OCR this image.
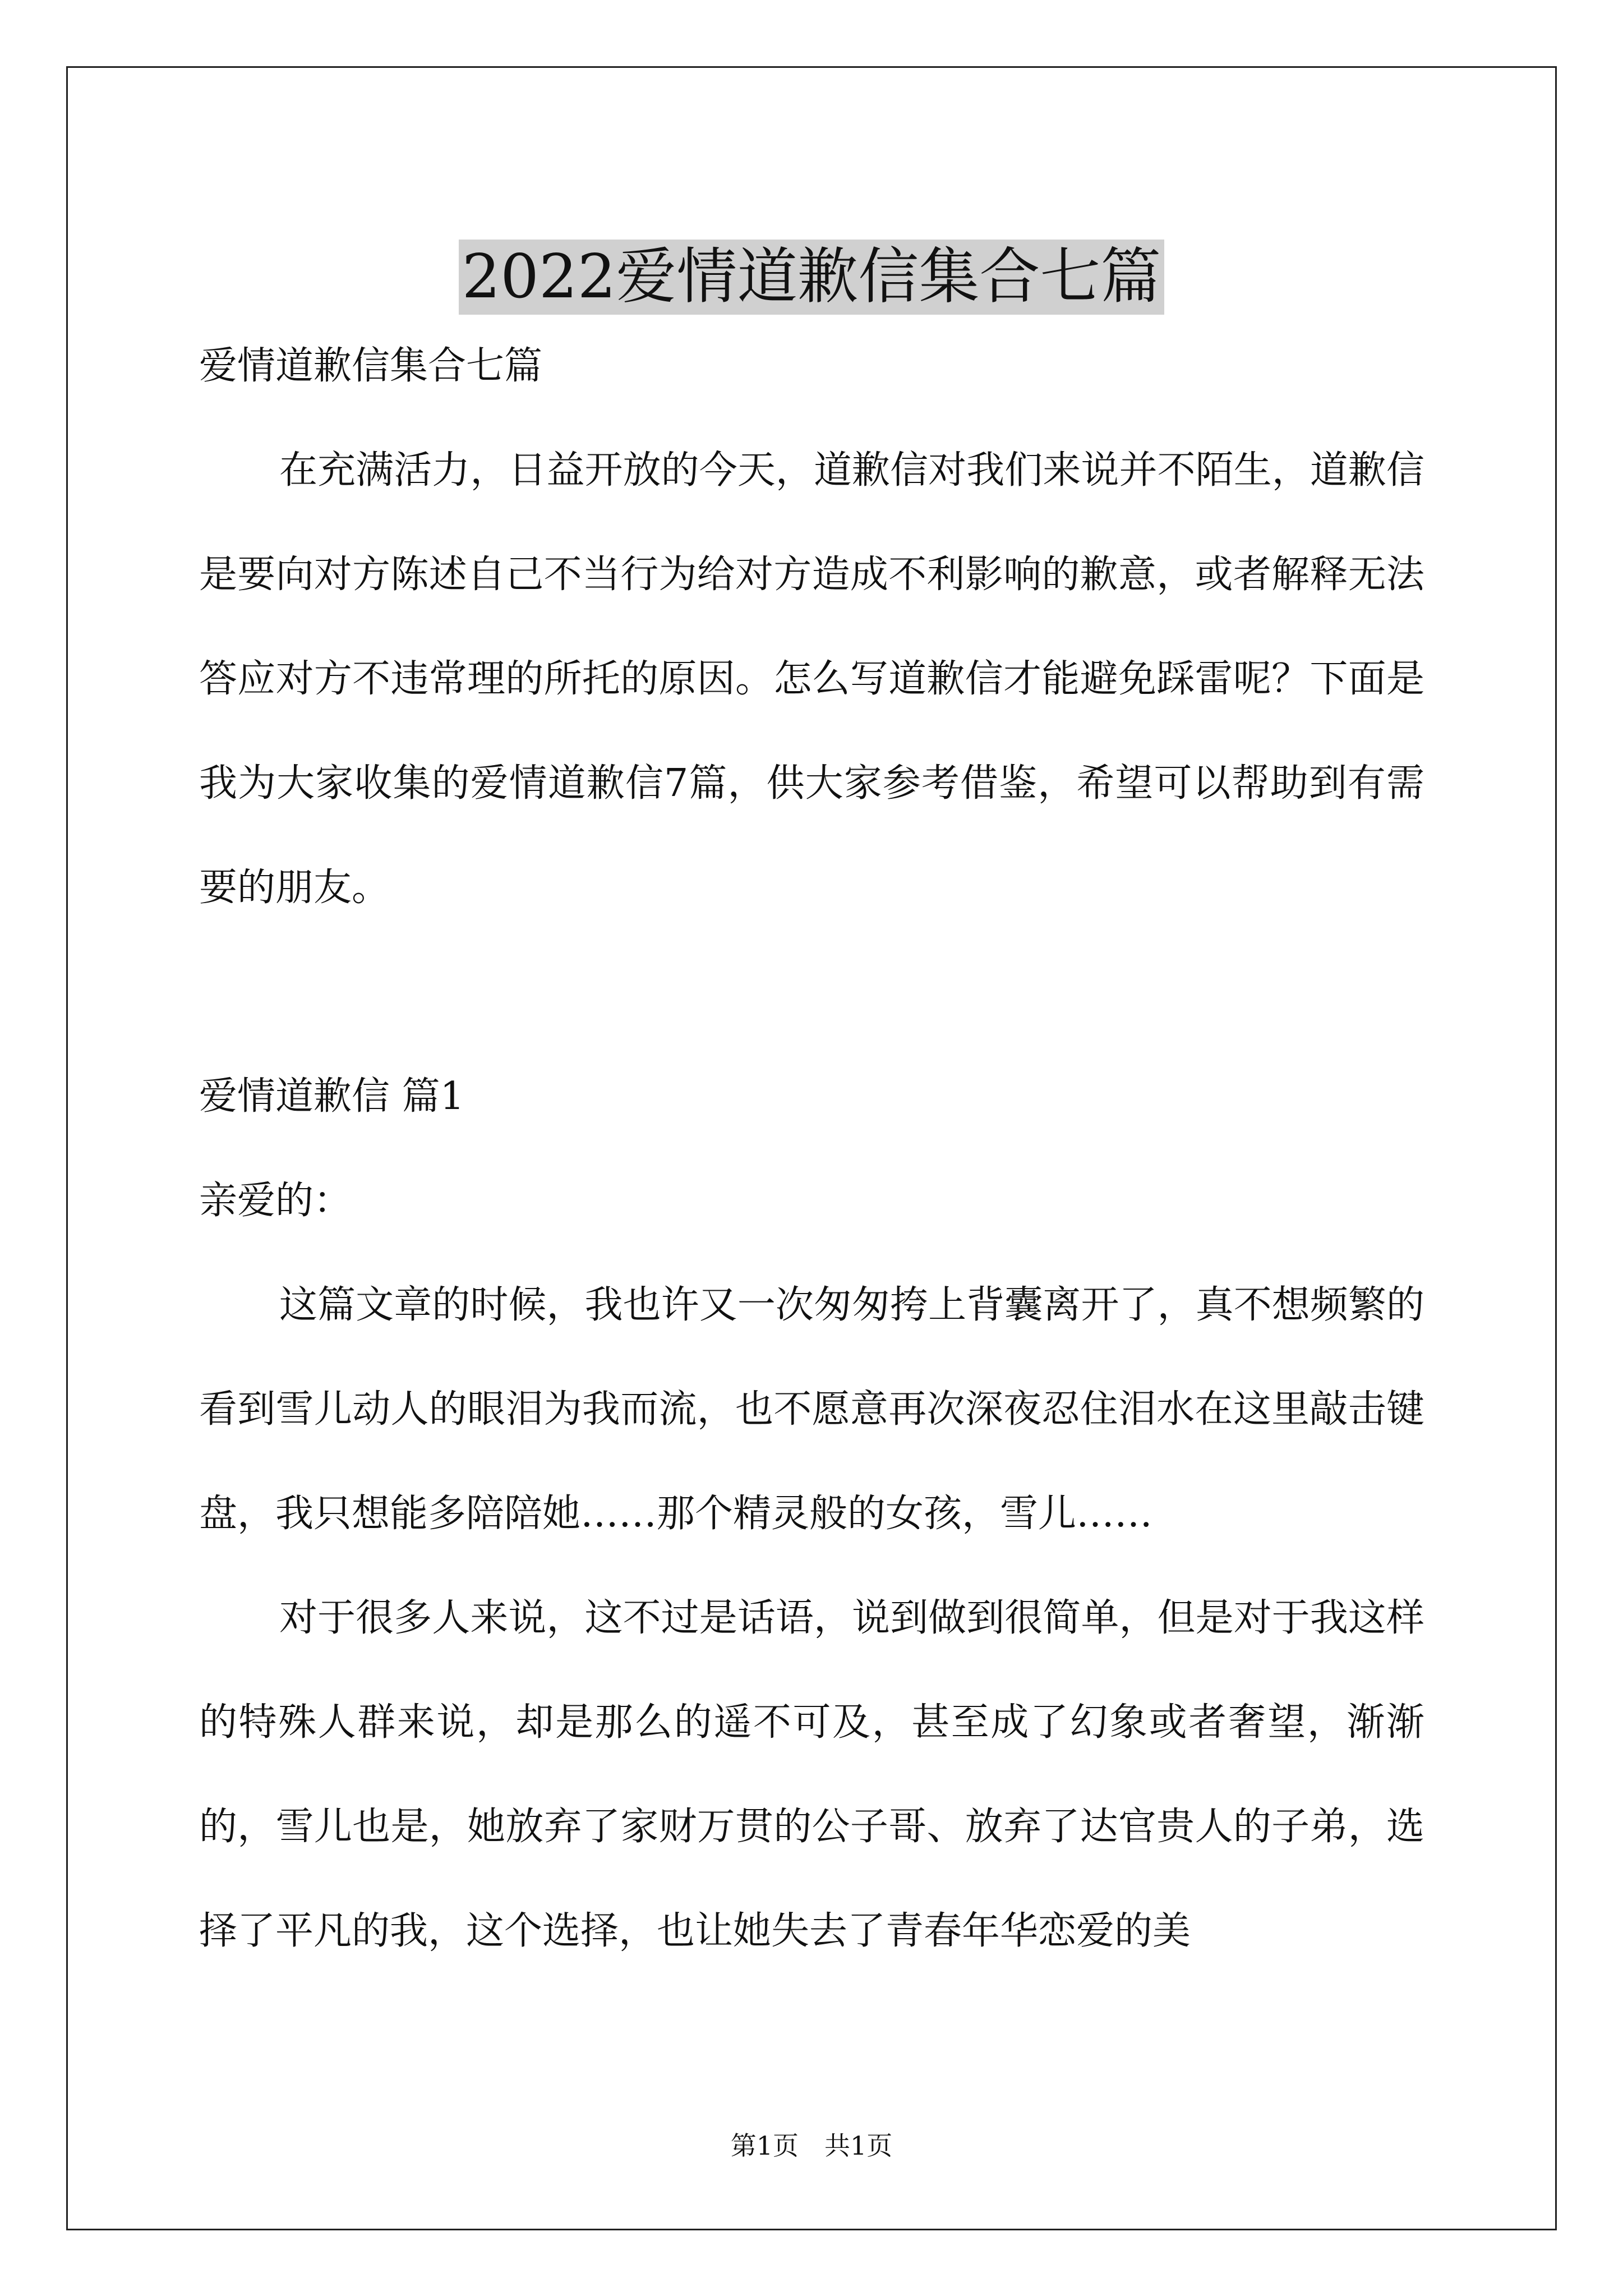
2022爱情道歉信集合七篇

爱情道歉信集合七篇

在充满活力，日益开放的今天，道歉信对我们来说并不陌生，道歉信是要向对方陈述自己不当行为给对方造成不利影响的歉意，或者解释无法答应对方不违常理的所托的原因。怎么写道歉信才能避免踩雷呢？下面是我为大家收集的爱情道歉信7篇，供大家参考借鉴，希望可以帮助到有需要的朋友。

爱情道歉信 篇1

亲爱的：

这篇文章的时候，我也许又一次匆匆挎上背囊离开了，真不想频繁的看到雪儿动人的眼泪为我而流，也不愿意再次深夜忍住泪水在这里敲击键盘，我只想能多陪陪她……那个精灵般的女孩，雪儿……

对于很多人来说，这不过是话语，说到做到很简单，但是对于我这样的特殊人群来说，却是那么的遥不可及，甚至成了幻象或者奢望，渐渐的，雪儿也是，她放弃了家财万贯的公子哥、放弃了达官贵人的子弟，选择了平凡的我，这个选择，也让她失去了青春年华恋爱的美

第1页 共1页
